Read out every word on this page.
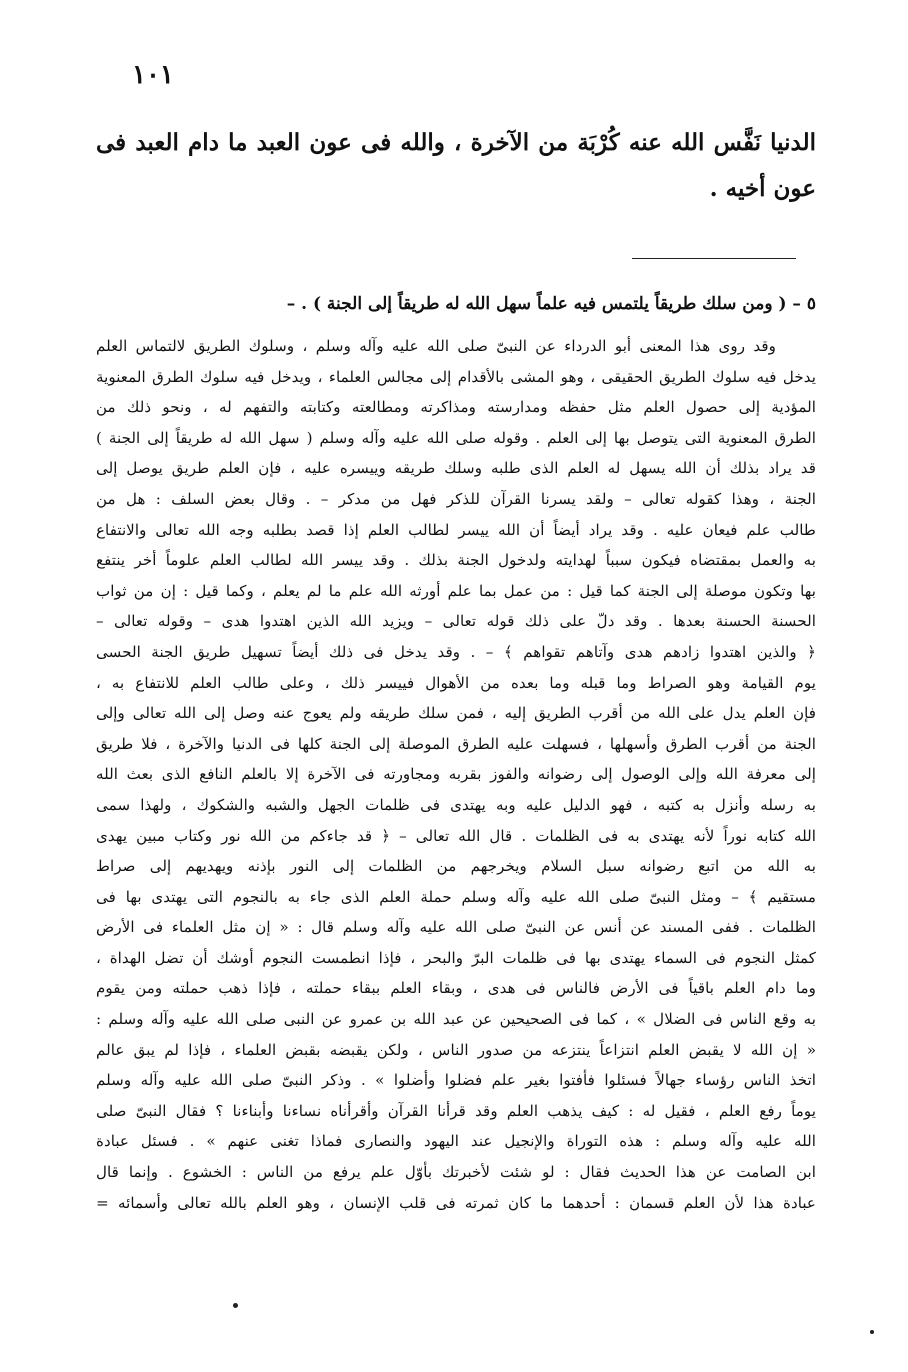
١٠١
الدنيا نَفَّس الله عنه كُرْبَة من الآخرة ، والله فى عون العبد ما دام العبد فى عون أخيه .
٥ – ( ومن سلك طريقاً يلتمس فيه علماً سهل الله له طريقاً إلى الجنة ) . –
وقد روى هذا المعنى أبو الدرداء عن النبىّ صلى الله عليه وآله وسلم ، وسلوك الطريق لالتماس العلم
يدخل فيه سلوك الطريق الحقيقى ، وهو المشى بالأقدام إلى مجالس العلماء ، ويدخل فيه سلوك الطرق المعنوية
المؤدية إلى حصول العلم مثل حفظه ومدارسته ومذاكرته ومطالعته وكتابته والتفهم له ، ونحو ذلك من
الطرق المعنوية التى يتوصل بها إلى العلم . وقوله صلى الله عليه وآله وسلم ( سهل الله له طريقاً إلى الجنة )
قد يراد بذلك أن الله يسهل له العلم الذى طلبه وسلك طريقه وييسره عليه ، فإن العلم طريق يوصل إلى
الجنة ، وهذا كقوله تعالى – ولقد يسرنا القرآن للذكر فهل من مدكر – . وقال بعض السلف : هل من
طالب علم فيعان عليه . وقد يراد أيضاً أن الله ييسر لطالب العلم إذا قصد بطلبه وجه الله تعالى والانتفاع
به والعمل بمقتضاه فيكون سبباً لهدايته ولدخول الجنة بذلك . وقد ييسر الله لطالب العلم علوماً أخر ينتفع
بها وتكون موصلة إلى الجنة كما قيل : من عمل بما علم أورثه الله علم ما لم يعلم ، وكما قيل : إن من ثواب
الحسنة الحسنة بعدها . وقد دلّ على ذلك قوله تعالى – ويزيد الله الذين اهتدوا هدى – وقوله تعالى –
﴿ والذين اهتدوا زادهم هدى وآتاهم تقواهم ﴾ – . وقد يدخل فى ذلك أيضاً تسهيل طريق الجنة الحسى
يوم القيامة وهو الصراط وما قبله وما بعده من الأهوال فييسر ذلك ، وعلى طالب العلم للانتفاع به ،
فإن العلم يدل على الله من أقرب الطريق إليه ، فمن سلك طريقه ولم يعوج عنه وصل إلى الله تعالى وإلى
الجنة من أقرب الطرق وأسهلها ، فسهلت عليه الطرق الموصلة إلى الجنة كلها فى الدنيا والآخرة ، فلا طريق
إلى معرفة الله وإلى الوصول إلى رضوانه والفوز بقربه ومجاورته فى الآخرة إلا بالعلم النافع الذى بعث الله
به رسله وأنزل به كتبه ، فهو الدليل عليه وبه يهتدى فى ظلمات الجهل والشبه والشكوك ، ولهذا سمى
الله كتابه نوراً لأنه يهتدى به فى الظلمات . قال الله تعالى – ﴿ قد جاءكم من الله نور وكتاب مبين يهدى
به الله من اتبع رضوانه سبل السلام ويخرجهم من الظلمات إلى النور بإذنه ويهديهم إلى صراط
مستقيم ﴾ – ومثل النبىّ صلى الله عليه وآله وسلم حملة العلم الذى جاء به بالنجوم التى يهتدى بها فى
الظلمات . ففى المسند عن أنس عن النبىّ صلى الله عليه وآله وسلم قال : « إن مثل العلماء فى الأرض
كمثل النجوم فى السماء يهتدى بها فى ظلمات البرّ والبحر ، فإذا انطمست النجوم أوشك أن تضل الهداة ،
وما دام العلم باقياً فى الأرض فالناس فى هدى ، وبقاء العلم ببقاء حملته ، فإذا ذهب حملته ومن يقوم
به وقع الناس فى الضلال » ، كما فى الصحيحين عن عبد الله بن عمرو عن النبى صلى الله عليه وآله وسلم :
« إن الله لا يقبض العلم انتزاعاً ينتزعه من صدور الناس ، ولكن يقبضه بقبض العلماء ، فإذا لم يبق عالم
اتخذ الناس رؤساء جهالاً فسئلوا فأفتوا بغير علم فضلوا وأضلوا » . وذكر النبىّ صلى الله عليه وآله وسلم
يوماً رفع العلم ، فقيل له : كيف يذهب العلم وقد قرأنا القرآن وأقرأناه نساءنا وأبناءنا ؟ فقال النبىّ صلى
الله عليه وآله وسلم : هذه التوراة والإنجيل عند اليهود والنصارى فماذا تغنى عنهم » . فسئل عبادة
ابن الصامت عن هذا الحديث فقال : لو شئت لأخبرتك بأوّل علم يرفع من الناس : الخشوع . وإنما قال
عبادة هذا لأن العلم قسمان : أحدهما ما كان ثمرته فى قلب الإنسان ، وهو العلم بالله تعالى وأسمائه =
